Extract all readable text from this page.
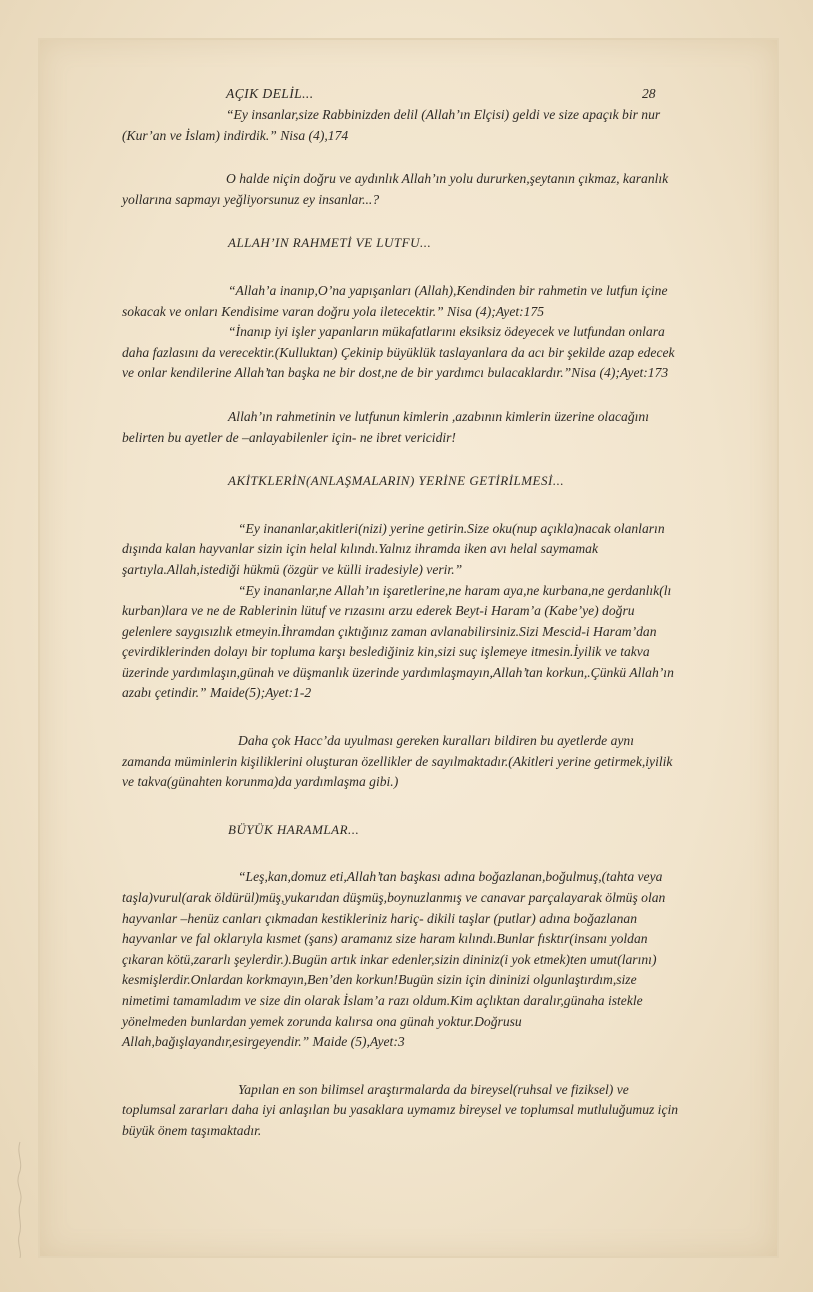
AÇIK DELİL...	28

“Ey insanlar,size Rabbinizden delil (Allah’ın Elçisi) geldi ve size apaçık bir nur (Kur’an ve İslam) indirdik.” Nisa (4),174

O halde niçin doğru ve aydınlık Allah’ın yolu dururken,şeytanın çıkmaz, karanlık yollarına sapmayı yeğliyorsunuz ey insanlar...?

ALLAH’IN RAHMETİ VE LUTFU...

“Allah’a inanıp,O’na yapışanları (Allah),Kendinden bir rahmetin ve lutfun içine sokacak ve onları Kendisime varan doğru yola iletecektir.” Nisa (4);Ayet:175

“İnanıp iyi işler yapanların mükafatlarını eksiksiz ödeyecek ve lutfundan onlara daha fazlasını da verecektir.(Kulluktan) Çekinip büyüklük taslayanlara da acı bir şekilde azap edecek ve onlar kendilerine Allah’tan başka ne bir dost,ne de bir yardımcı bulacaklardır.”Nisa (4);Ayet:173

Allah’ın rahmetinin ve lutfunun kimlerin ,azabının kimlerin üzerine olacağını belirten bu ayetler de –anlayabilenler için- ne ibret vericidir!

AKİTKLERİN(ANLAŞMALARIN) YERİNE GETİRİLMESİ...

“Ey inananlar,akitleri(nizi) yerine getirin.Size oku(nup açıkla)nacak olanların dışında kalan hayvanlar sizin için helal kılındı.Yalnız ihramda iken avı helal saymamak şartıyla.Allah,istediği hükmü (özgür ve külli iradesiyle) verir.”

“Ey inananlar,ne Allah’ın işaretlerine,ne haram aya,ne kurbana,ne gerdanlık(lı kurban)lara ve ne de Rablerinin lütuf ve rızasını arzu ederek Beyt-i Haram’a (Kabe’ye) doğru gelenlere saygısızlık etmeyin.İhramdan çıktığınız zaman avlanabilirsiniz.Sizi Mescid-i Haram’dan çevirdiklerinden dolayı bir topluma karşı beslediğiniz kin,sizi suç işlemeye itmesin.İyilik ve takva üzerinde yardımlaşın,günah ve düşmanlık üzerinde yardımlaşmayın,Allah’tan korkun,.Çünkü Allah’ın azabı çetindir.” Maide(5);Ayet:1-2

Daha çok Hacc’da uyulması gereken kuralları bildiren bu ayetlerde aynı zamanda müminlerin kişiliklerini oluşturan özellikler de sayılmaktadır.(Akitleri yerine getirmek,iyilik ve takva(günahten korunma)da yardımlaşma gibi.)

BÜYÜK HARAMLAR...

“Leş,kan,domuz eti,Allah’tan başkası adına boğazlanan,boğulmuş,(tahta veya taşla)vurul(arak öldürül)müş,yukarıdan düşmüş,boynuzlanmış ve canavar parçalayarak ölmüş olan hayvanlar –henüz canları çıkmadan kestikleriniz hariç- dikili taşlar (putlar) adına boğazlanan hayvanlar ve fal oklarıyla kısmet (şans) aramanız size haram kılındı.Bunlar fısktır(insanı yoldan çıkaran kötü,zararlı şeylerdir.).Bugün artık inkar edenler,sizin dininiz(i yok etmek)ten umut(larını) kesmişlerdir.Onlardan korkmayın,Ben’den korkun!Bugün sizin için dininizi olgunlaştırdım,size nimetimi tamamladım ve size din olarak İslam’a razı oldum.Kim açlıktan daralır,günaha istekle yönelmeden bunlardan yemek zorunda kalırsa ona günah yoktur.Doğrusu Allah,bağışlayandır,esirgeyendir.” Maide (5),Ayet:3

Yapılan en son bilimsel araştırmalarda da bireysel(ruhsal ve fiziksel) ve toplumsal zararları daha iyi anlaşılan bu yasaklara uymamız bireysel ve toplumsal mutluluğumuz için büyük önem taşımaktadır.
